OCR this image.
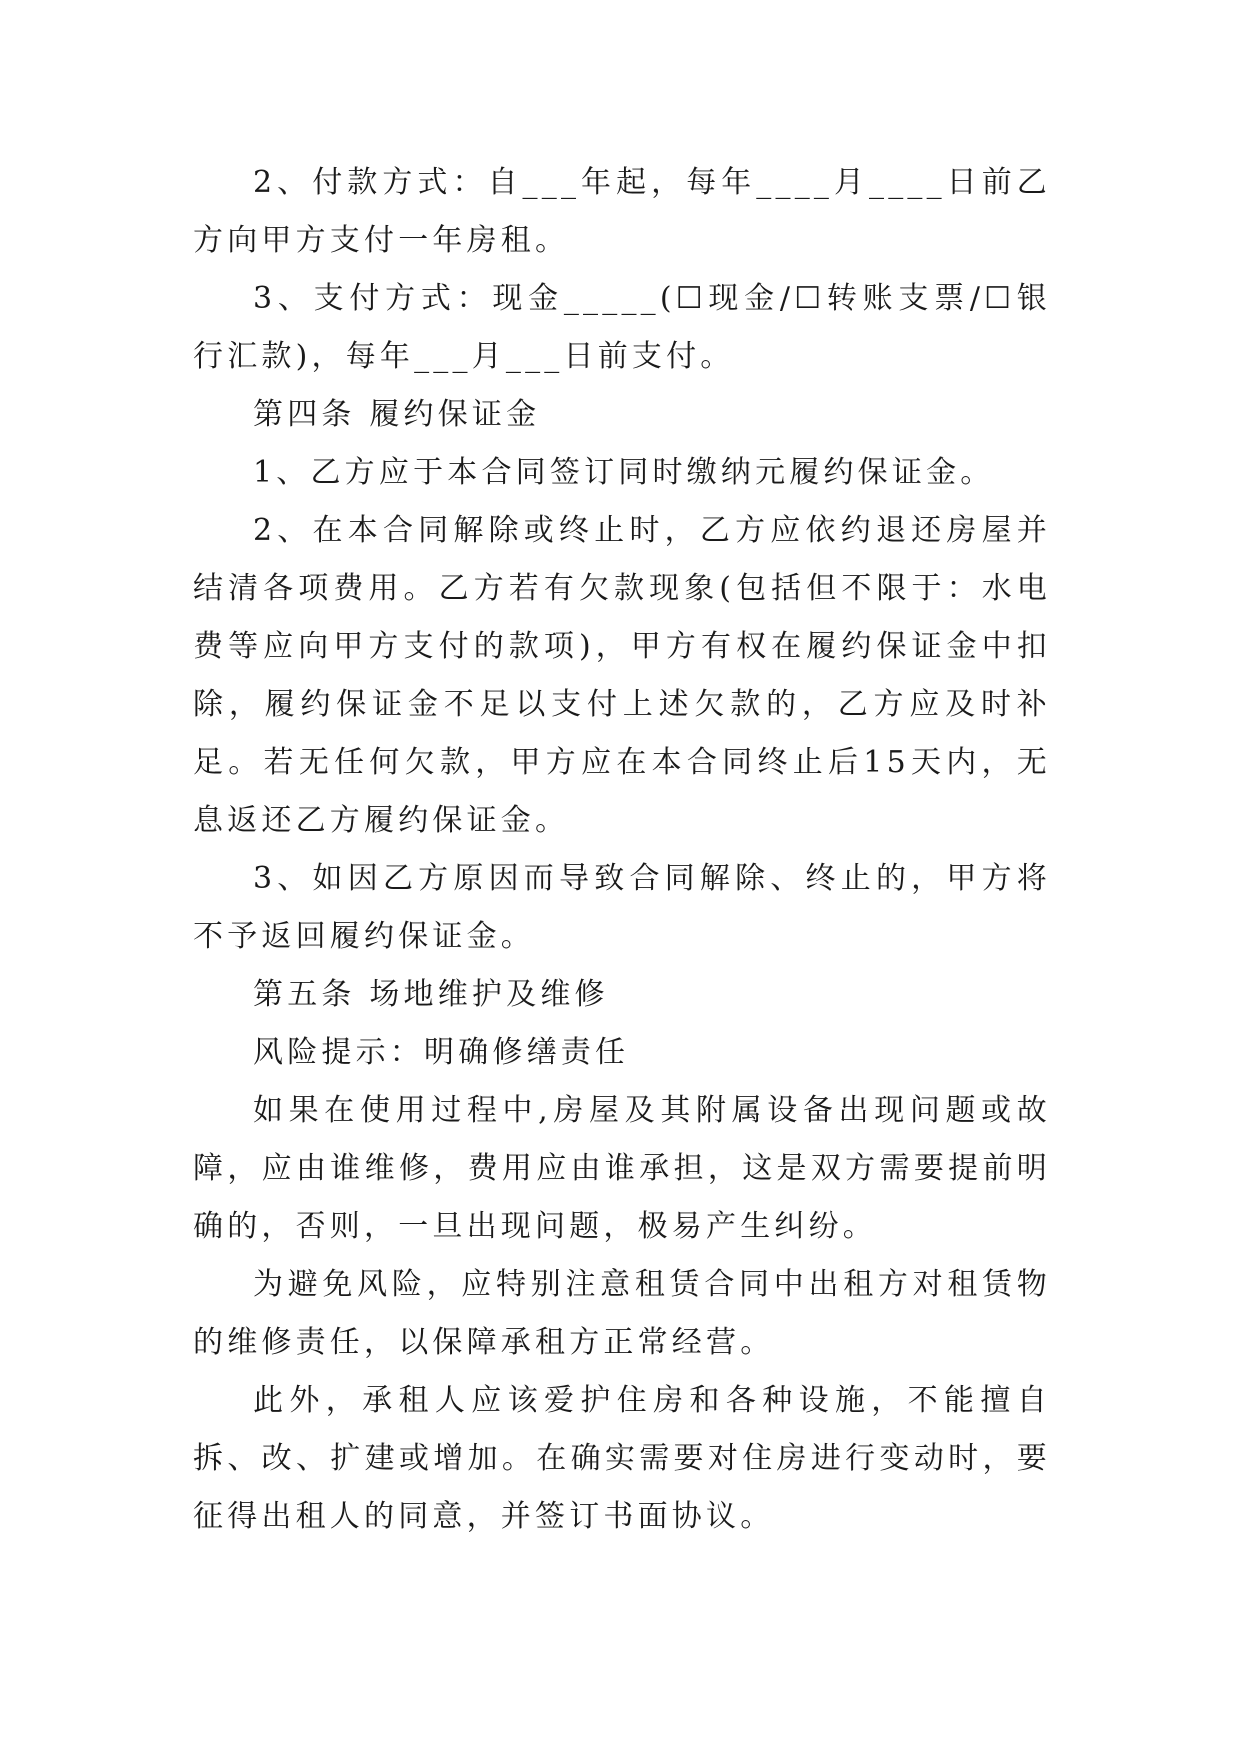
2、付款方式：自___年起，每年____月____日前乙方向甲方支付一年房租。

3、支付方式：现金_____(☐现金/☐转账支票/☐银行汇款)，每年___月___日前支付。

第四条 履约保证金

1、乙方应于本合同签订同时缴纳元履约保证金。

2、在本合同解除或终止时，乙方应依约退还房屋并结清各项费用。乙方若有欠款现象(包括但不限于：水电费等应向甲方支付的款项)，甲方有权在履约保证金中扣除，履约保证金不足以支付上述欠款的，乙方应及时补足。若无任何欠款，甲方应在本合同终止后15天内，无息返还乙方履约保证金。

3、如因乙方原因而导致合同解除、终止的，甲方将不予返回履约保证金。

第五条 场地维护及维修

风险提示：明确修缮责任

如果在使用过程中,房屋及其附属设备出现问题或故障，应由谁维修，费用应由谁承担，这是双方需要提前明确的，否则，一旦出现问题，极易产生纠纷。

为避免风险，应特别注意租赁合同中出租方对租赁物的维修责任，以保障承租方正常经营。

此外，承租人应该爱护住房和各种设施，不能擅自拆、改、扩建或增加。在确实需要对住房进行变动时，要征得出租人的同意，并签订书面协议。
